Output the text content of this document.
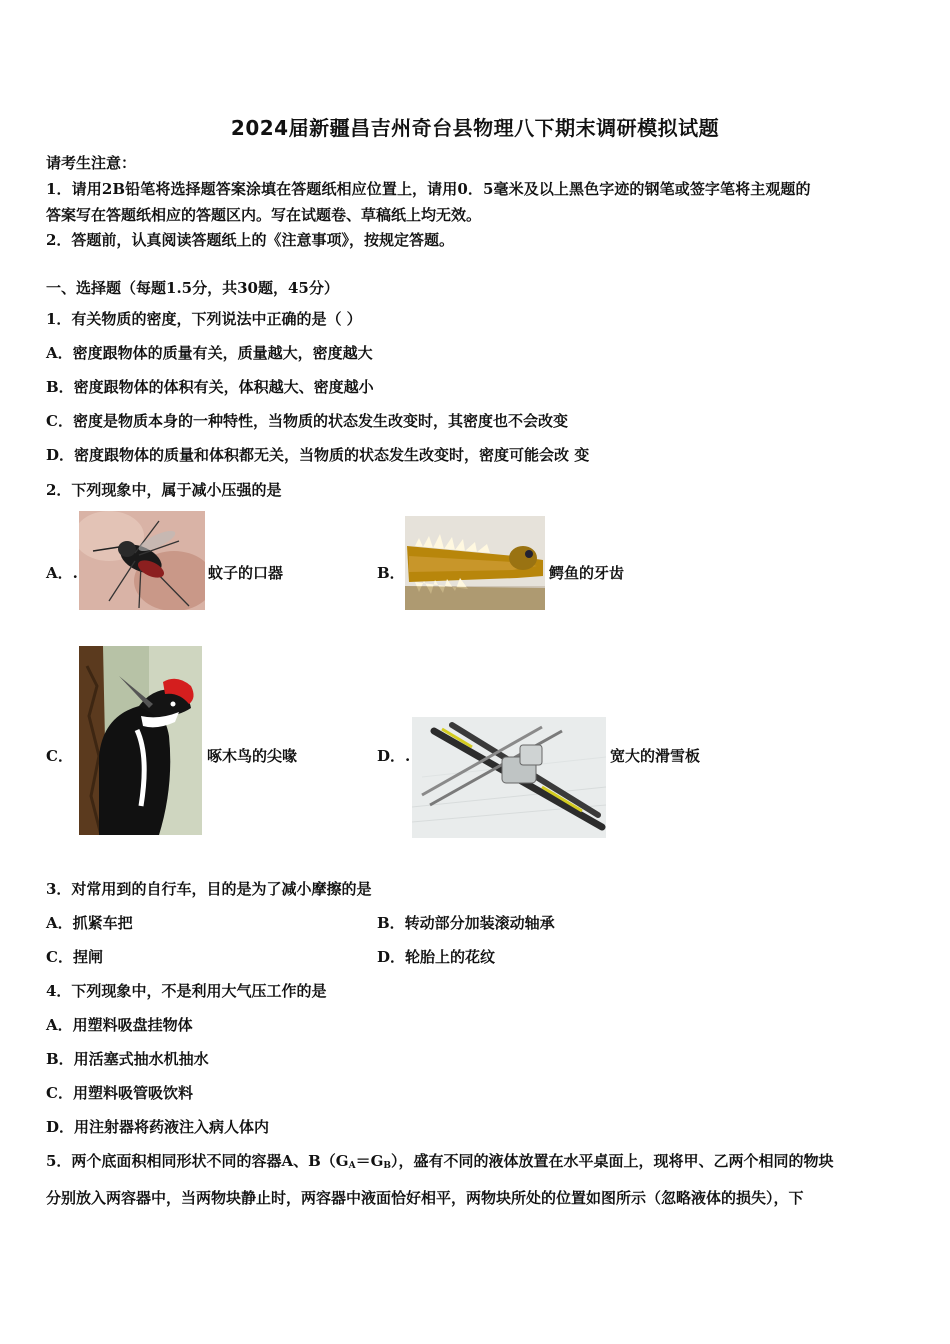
2024届新疆昌吉州奇台县物理八下期末调研模拟试题
请考生注意：
1．请用2B铅笔将选择题答案涂填在答题纸相应位置上，请用0．5毫米及以上黑色字迹的钢笔或签字笔将主观题的
答案写在答题纸相应的答题区内。写在试题卷、草稿纸上均无效。
2．答题前，认真阅读答题纸上的《注意事项》，按规定答题。
一、选择题（每题1.5分，共30题，45分）
1．有关物质的密度，下列说法中正确的是（ ）
A．密度跟物体的质量有关，质量越大，密度越大
B．密度跟物体的体积有关，体积越大、密度越小
C．密度是物质本身的一种特性，当物质的状态发生改变时，其密度也不会改变
D．密度跟物体的质量和体积都无关，当物质的状态发生改变时，密度可能会改 变
2．下列现象中，属于减小压强的是
A．.	蚊子的口器	B．	鳄鱼的牙齿
C．	啄木鸟的尖喙	D．.	宽大的滑雪板
3．对常用到的自行车，目的是为了减小摩擦的是
A．抓紧车把	B．转动部分加装滚动轴承
C．捏闸	D．轮胎上的花纹
4．下列现象中，不是利用大气压工作的是
A．用塑料吸盘挂物体
B．用活塞式抽水机抽水
C．用塑料吸管吸饮料
D．用注射器将药液注入病人体内
5．两个底面积相同形状不同的容器A、$B(G_A=G_B)$，盛有不同的液体放置在水平桌面上，现将甲、乙两个相同的物块
分别放入两容器中，当两物块静止时，两容器中液面恰好相平，两物块所处的位置如图所示（忽略液体的损失），下
